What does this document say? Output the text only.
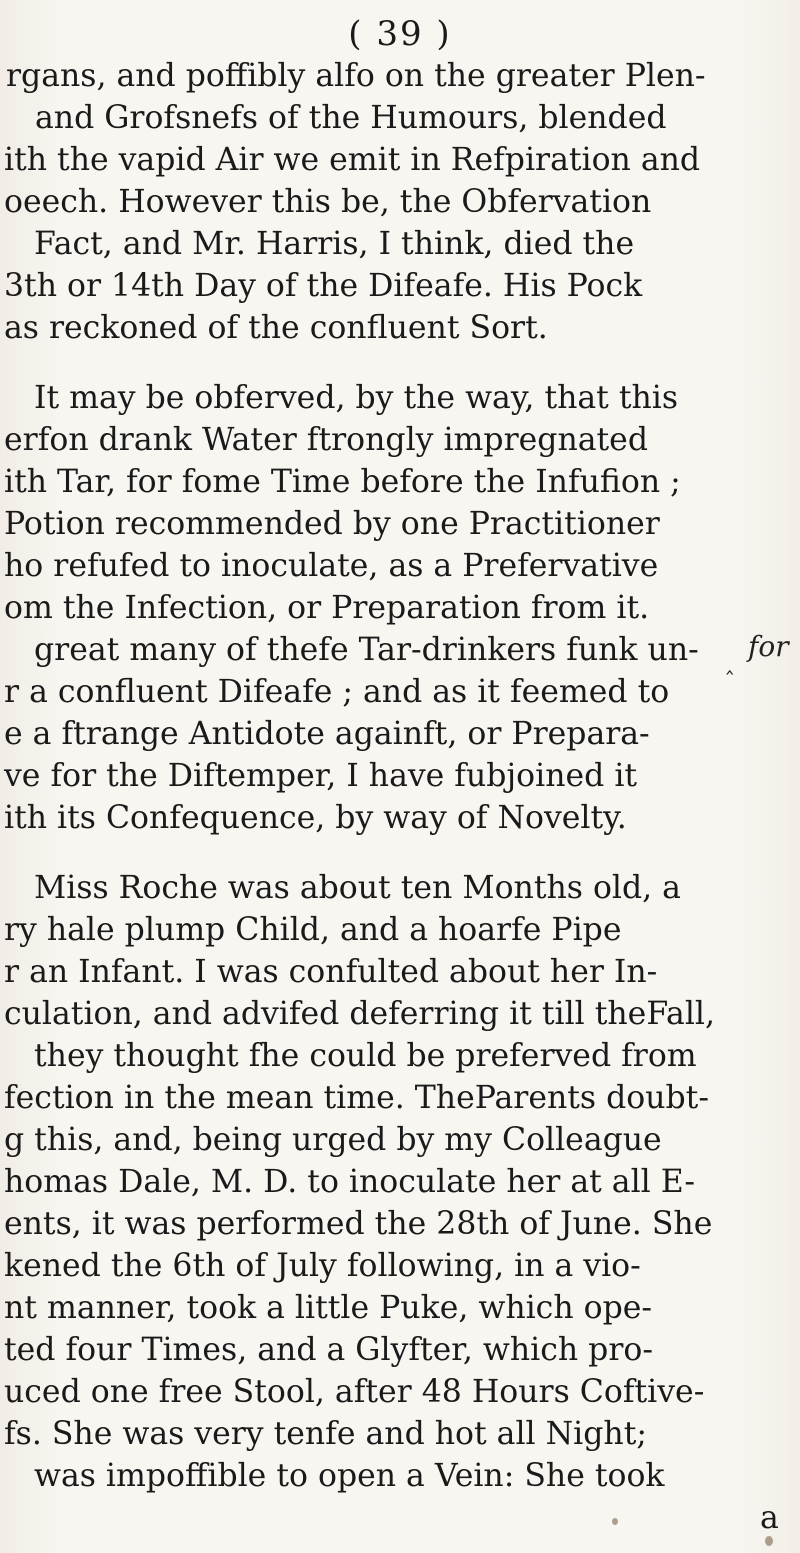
( 39 )
rgans, and poffibly alfo on the greater Plen-
and Grofsnefs of the Humours, blended
ith the vapid Air we emit in Refpiration and
oeech. However this be, the Obfervation
Fact, and Mr. Harris, I think, died the
3th or 14th Day of the Difeafe. His Pock
as reckoned of the confluent Sort.
It may be obferved, by the way, that this
erfon drank Water ftrongly impregnated
ith Tar, for fome Time before the Infufion ;
Potion recommended by one Practitioner
ho refufed to inoculate, as a Prefervative
om the Infection, or Preparation from it.
great many of thefe Tar-drinkers funk un-
r a confluent Difeafe ; and as it feemed to
e a ftrange Antidote againft, or Prepara-
ve for the Diftemper, I have fubjoined it
ith its Confequence, by way of Novelty.
Miss Roche was about ten Months old, a
ry hale plump Child, and a hoarfe Pipe
r an Infant. I was confulted about her In-
culation, and advifed deferring it till theFall,
they thought fhe could be preferved from
fection in the mean time. TheParents doubt-
g this, and, being urged by my Colleague
homas Dale, M. D. to inoculate her at all E-
ents, it was performed the 28th of June. She
kened the 6th of July following, in a vio-
nt manner, took a little Puke, which ope-
ted four Times, and a Glyfter, which pro-
uced one free Stool, after 48 Hours Coftive-
fs. She was very tenfe and hot all Night;
was impoffible to open a Vein: She took
a
‸ for
